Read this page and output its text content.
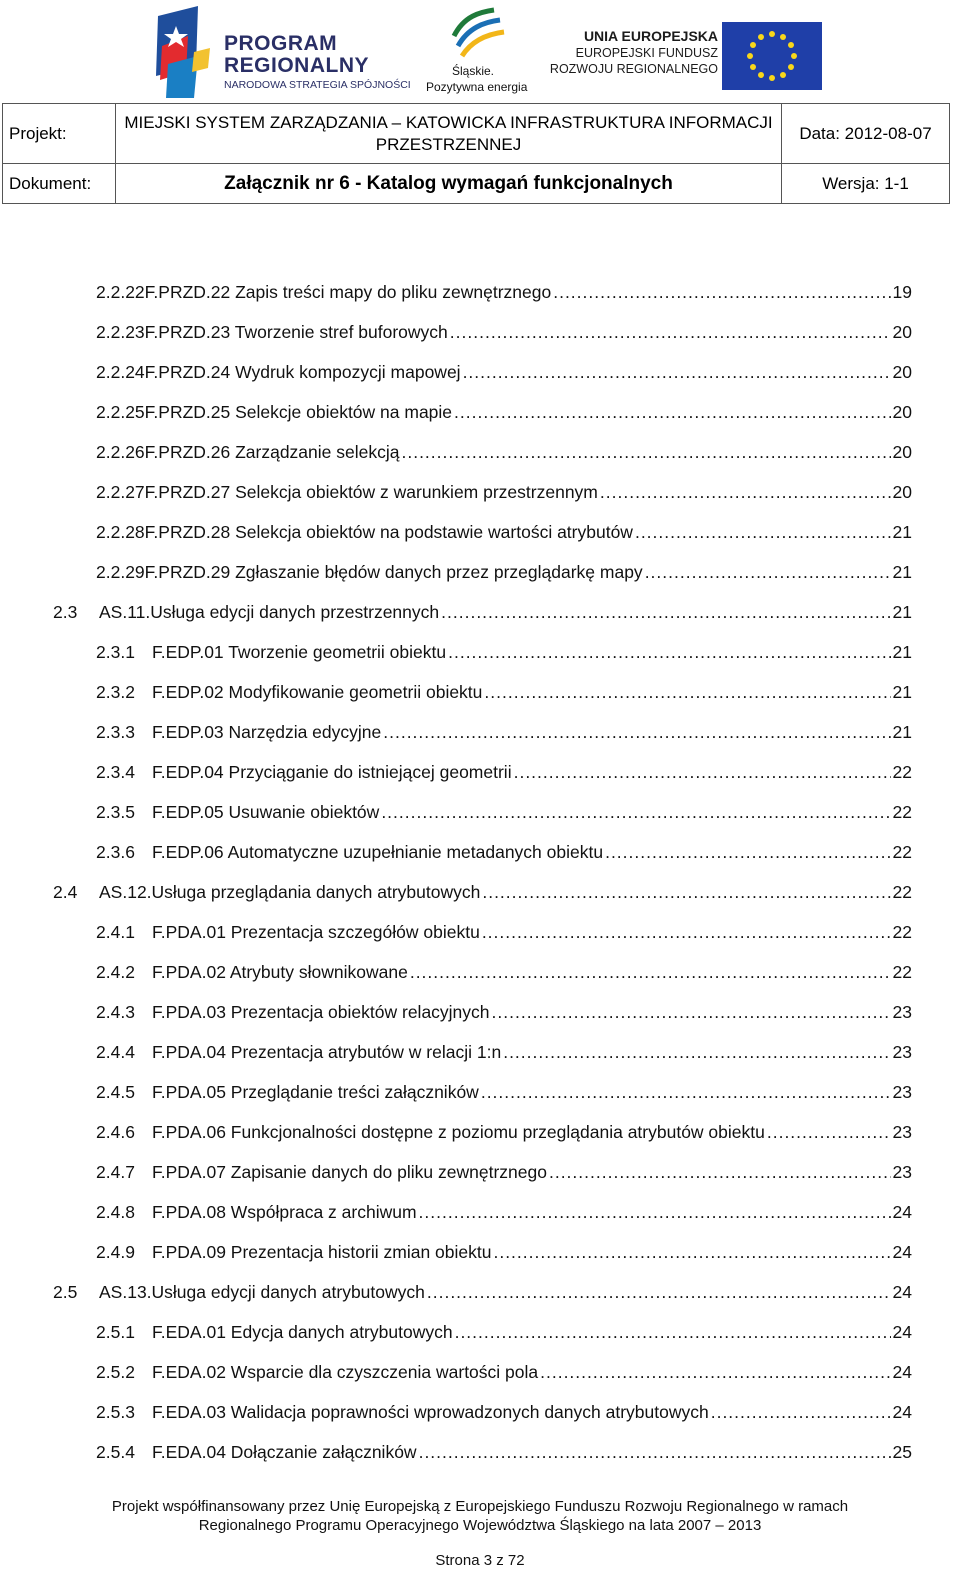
PROGRAM
REGIONALNY
NARODOWA STRATEGIA SPÓJNOŚCI
Śląskie.
Pozytywna energia
UNIA EUROPEJSKA
EUROPEJSKI FUNDUSZ
ROZWOJU REGIONALNEGO
Projekt:	MIEJSKI SYSTEM ZARZĄDZANIA – KATOWICKA INFRASTRUKTURA INFORMACJI
PRZESTRZENNEJ	Data: 2012-08-07
Dokument:	Załącznik nr 6 - Katalog wymagań funkcjonalnych	Wersja: 1-1
2.2.22 F.PRZD.22 Zapis treści mapy do pliku zewnętrznego .....	19
2.2.23 F.PRZD.23 Tworzenie stref buforowych .....	20
2.2.24 F.PRZD.24 Wydruk kompozycji mapowej .....	20
2.2.25 F.PRZD.25 Selekcje obiektów na mapie .....	20
2.2.26 F.PRZD.26 Zarządzanie selekcją .....	20
2.2.27 F.PRZD.27 Selekcja obiektów z warunkiem przestrzennym .....	20
2.2.28 F.PRZD.28 Selekcja obiektów na podstawie wartości atrybutów .....	21
2.2.29 F.PRZD.29 Zgłaszanie błędów danych przez przeglądarkę mapy .....	21
2.3	AS.11.Usługa edycji danych przestrzennych .....	21
2.3.1 F.EDP.01 Tworzenie geometrii obiektu .....	21
2.3.2 F.EDP.02 Modyfikowanie geometrii obiektu .....	21
2.3.3 F.EDP.03 Narzędzia edycyjne .....	21
2.3.4 F.EDP.04 Przyciąganie do istniejącej geometrii .....	22
2.3.5 F.EDP.05 Usuwanie obiektów .....	22
2.3.6 F.EDP.06 Automatyczne uzupełnianie metadanych obiektu .....	22
2.4	AS.12.Usługa przeglądania danych atrybutowych .....	22
2.4.1 F.PDA.01 Prezentacja szczegółów obiektu .....	22
2.4.2 F.PDA.02 Atrybuty słownikowane .....	22
2.4.3 F.PDA.03 Prezentacja obiektów relacyjnych .....	23
2.4.4 F.PDA.04 Prezentacja atrybutów w relacji 1:n .....	23
2.4.5 F.PDA.05 Przeglądanie treści załączników .....	23
2.4.6 F.PDA.06 Funkcjonalności dostępne z poziomu przeglądania atrybutów obiektu .....	23
2.4.7 F.PDA.07 Zapisanie danych do pliku zewnętrznego .....	23
2.4.8 F.PDA.08 Współpraca z archiwum .....	24
2.4.9 F.PDA.09 Prezentacja historii zmian obiektu .....	24
2.5	AS.13.Usługa edycji danych atrybutowych .....	24
2.5.1 F.EDA.01 Edycja danych atrybutowych .....	24
2.5.2 F.EDA.02 Wsparcie dla czyszczenia wartości pola .....	24
2.5.3 F.EDA.03 Walidacja poprawności wprowadzonych danych atrybutowych .....	24
2.5.4 F.EDA.04 Dołączanie załączników .....	25
Projekt współfinansowany przez Unię Europejską z Europejskiego Funduszu Rozwoju Regionalnego w ramach
Regionalnego Programu Operacyjnego Województwa Śląskiego na lata 2007 – 2013
Strona 3 z 72
